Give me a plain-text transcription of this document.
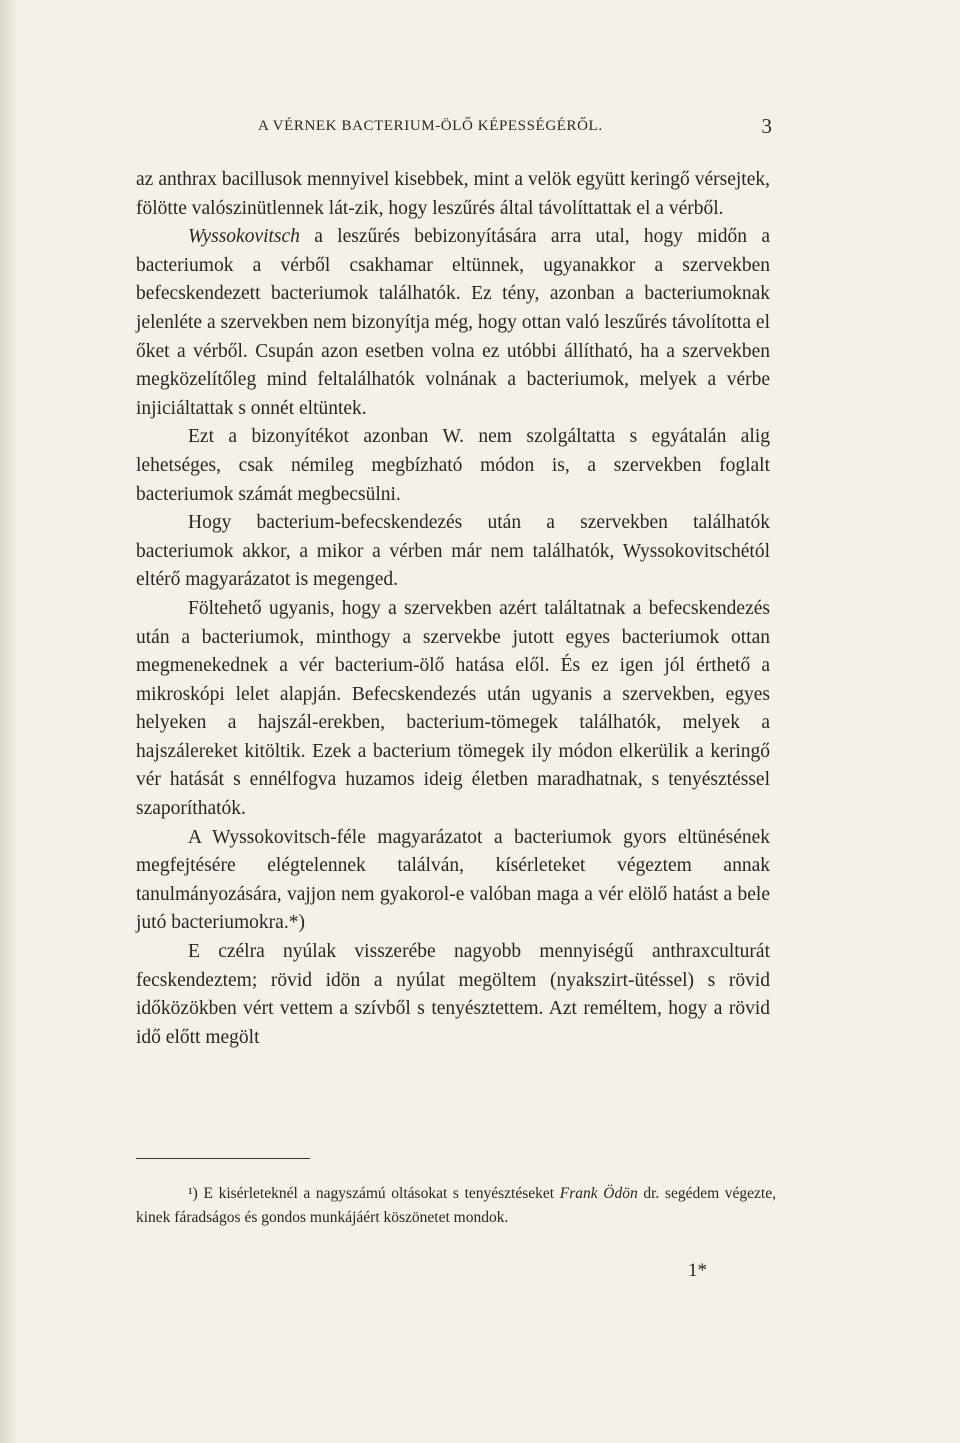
A VÉRNEK BACTERIUM-ÖLŐ KÉPESSÉGÉRŐL.	3

az anthrax bacillusok mennyivel kisebbek, mint a velök együtt keringő vérsejtek, fölötte valószinütlennek lát-zik, hogy leszűrés által távolíttattak el a vérből.

Wyssokovitsch a leszűrés bebizonyítására arra utal, hogy midőn a bacteriumok a vérből csakhamar eltünnek, ugyanakkor a szervekben befecskendezett bacteriumok találhatók. Ez tény, azonban a bacteriumoknak jelenléte a szervekben nem bizonyítja még, hogy ottan való leszűrés távolította el őket a vérből. Csupán azon esetben volna ez utóbbi állítható, ha a szervekben megközelítőleg mind feltalálhatók volnának a bacteriumok, melyek a vérbe injiciáltattak s onnét eltüntek.

Ezt a bizonyítékot azonban W. nem szolgáltatta s egyátalán alig lehetséges, csak némileg megbízható módon is, a szervekben foglalt bacteriumok számát megbecsülni.

Hogy bacterium-befecskendezés után a szervekben találhatók bacteriumok akkor, a mikor a vérben már nem találhatók, Wyssokovitschétól eltérő magyarázatot is megenged.

Föltehető ugyanis, hogy a szervekben azért találtatnak a befecskendezés után a bacteriumok, minthogy a szervekbe jutott egyes bacteriumok ottan megmenekednek a vér bacterium-ölő hatása elől. És ez igen jól érthető a mikroskópi lelet alapján. Befecskendezés után ugyanis a szervekben, egyes helyeken a hajszál-erekben, bacterium-tömegek találhatók, melyek a hajszálereket kitöltik. Ezek a bacterium tömegek ily módon elkerülik a keringő vér hatását s ennélfogva huzamos ideig életben maradhatnak, s tenyésztéssel szaporíthatók.

A Wyssokovitsch-féle magyarázatot a bacteriumok gyors eltünésének megfejtésére elégtelennek találván, kísérleteket végeztem annak tanulmányozására, vajjon nem gyakorol-e valóban maga a vér elölő hatást a bele jutó bacteriumokra.*)

E czélra nyúlak visszerébe nagyobb mennyiségű anthraxculturát fecskendeztem; rövid idön a nyúlat megöltem (nyakszirt-ütéssel) s rövid időközökben vért vettem a szívből s tenyésztettem. Azt reméltem, hogy a rövid idő előtt megölt

¹) E kisérleteknél a nagyszámú oltásokat s tenyésztéseket Frank Ödön dr. segédem végezte, kinek fáradságos és gondos munkájáért köszönetet mondok.

1*
